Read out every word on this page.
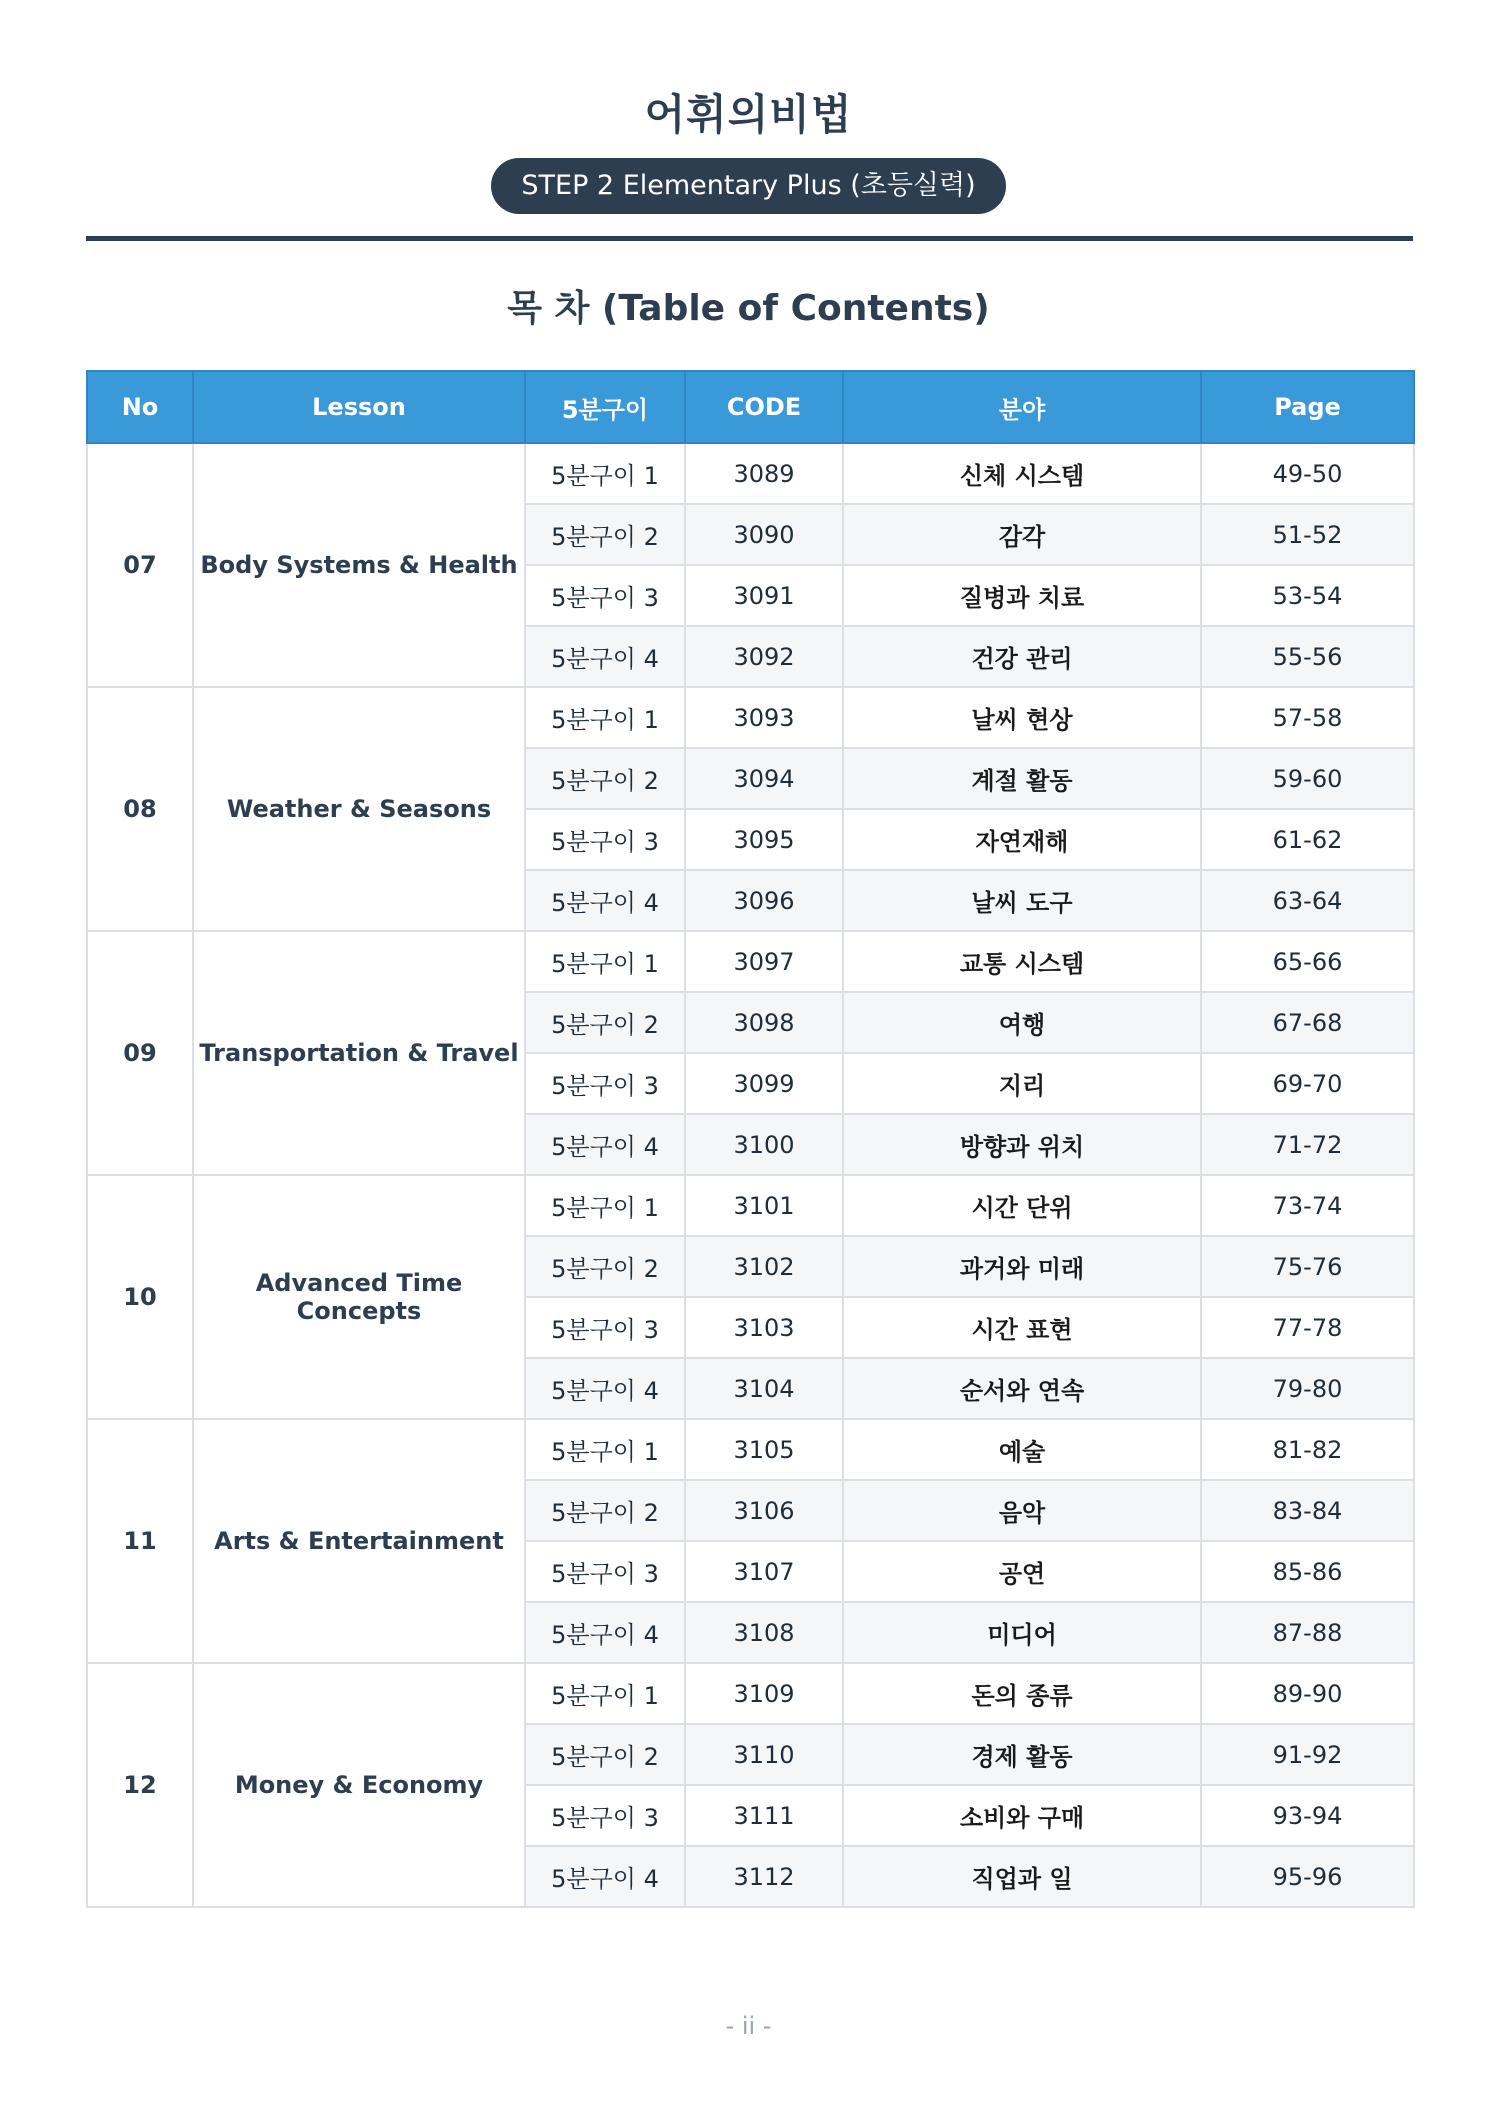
어휘의비법
STEP 2 Elementary Plus (초등실력)
목 차 (Table of Contents)
No	Lesson	5분구이	CODE	분야	Page
07	Body Systems & Health	5분구이 1	3089	신체 시스템	49-50
		5분구이 2	3090	감각	51-52
		5분구이 3	3091	질병과 치료	53-54
		5분구이 4	3092	건강 관리	55-56
08	Weather & Seasons	5분구이 1	3093	날씨 현상	57-58
		5분구이 2	3094	계절 활동	59-60
		5분구이 3	3095	자연재해	61-62
		5분구이 4	3096	날씨 도구	63-64
09	Transportation & Travel	5분구이 1	3097	교통 시스템	65-66
		5분구이 2	3098	여행	67-68
		5분구이 3	3099	지리	69-70
		5분구이 4	3100	방향과 위치	71-72
10	Advanced Time Concepts	5분구이 1	3101	시간 단위	73-74
		5분구이 2	3102	과거와 미래	75-76
		5분구이 3	3103	시간 표현	77-78
		5분구이 4	3104	순서와 연속	79-80
11	Arts & Entertainment	5분구이 1	3105	예술	81-82
		5분구이 2	3106	음악	83-84
		5분구이 3	3107	공연	85-86
		5분구이 4	3108	미디어	87-88
12	Money & Economy	5분구이 1	3109	돈의 종류	89-90
		5분구이 2	3110	경제 활동	91-92
		5분구이 3	3111	소비와 구매	93-94
		5분구이 4	3112	직업과 일	95-96
- ii -
